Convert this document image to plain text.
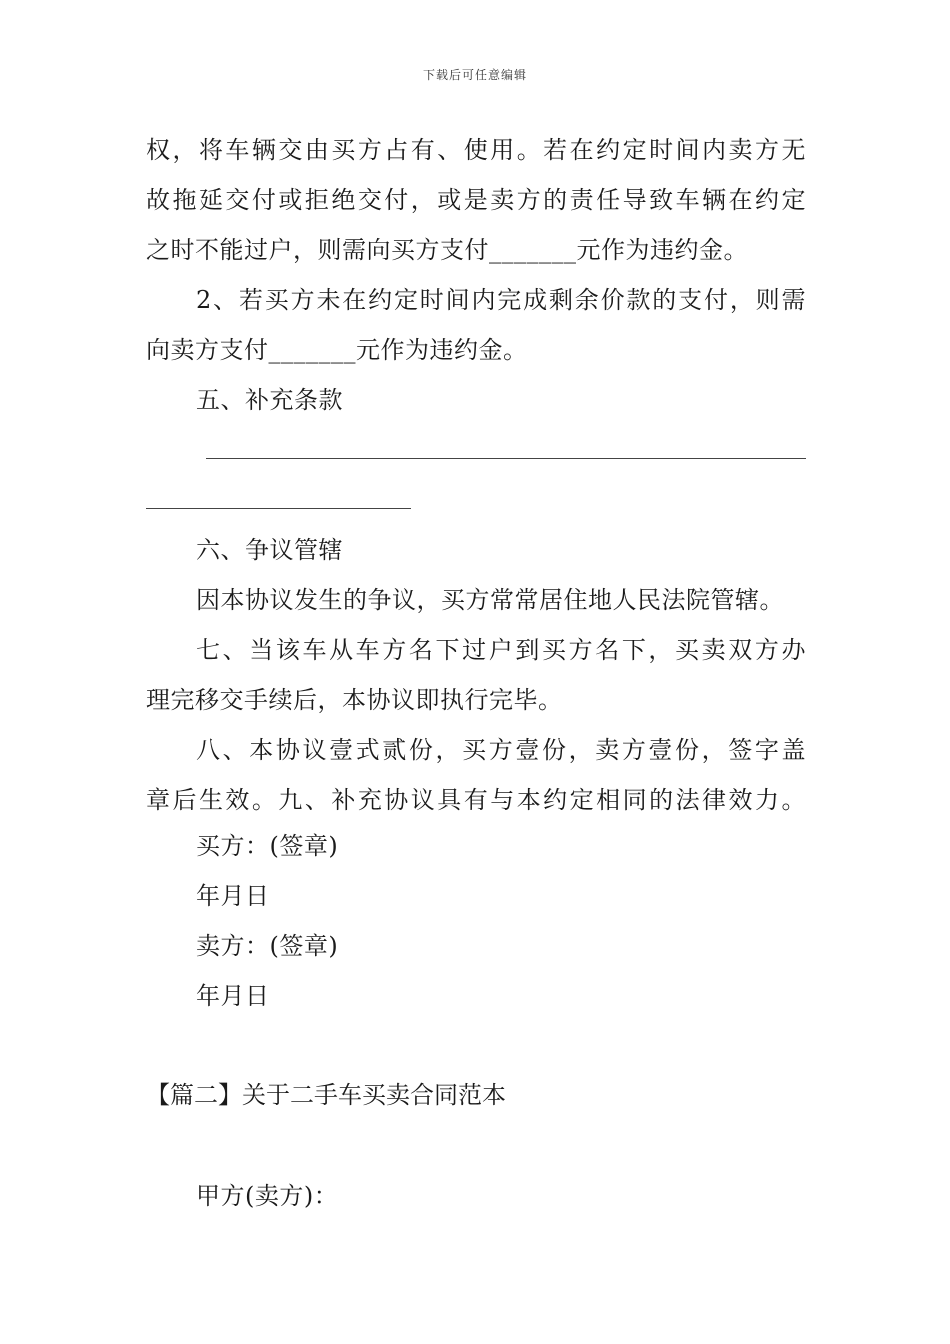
下载后可任意编辑
权，将车辆交由买方占有、使用。若在约定时间内卖方无
故拖延交付或拒绝交付，或是卖方的责任导致车辆在约定
之时不能过户，则需向买方支付_______元作为违约金。
2、若买方未在约定时间内完成剩余价款的支付，则需
向卖方支付_______元作为违约金。
五、补充条款
六、争议管辖
因本协议发生的争议，买方常常居住地人民法院管辖。
七、当该车从车方名下过户到买方名下，买卖双方办
理完移交手续后，本协议即执行完毕。
八、本协议壹式贰份，买方壹份，卖方壹份，签字盖
章后生效。九、补充协议具有与本约定相同的法律效力。
买方：(签章)
年月日
卖方：(签章)
年月日
【篇二】关于二手车买卖合同范本
甲方(卖方)：
